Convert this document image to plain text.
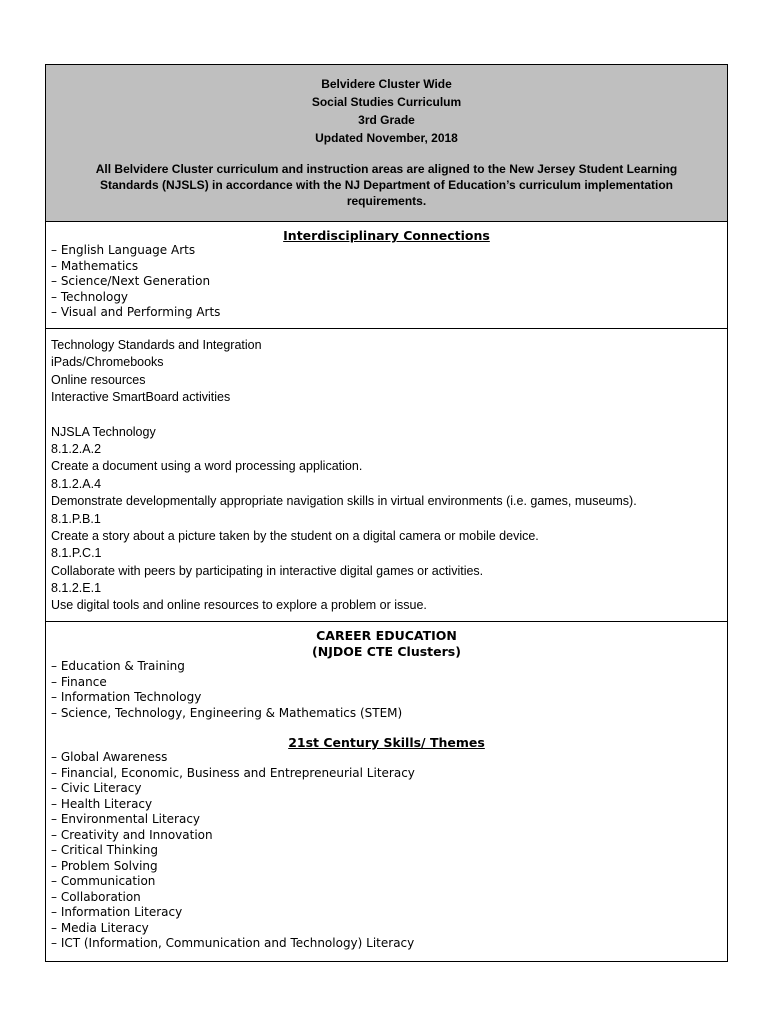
Belvidere Cluster Wide
Social Studies Curriculum
3rd Grade
Updated November, 2018
All Belvidere Cluster curriculum and instruction areas are aligned to the New Jersey Student Learning Standards (NJSLS) in accordance with the NJ Department of Education’s curriculum implementation requirements.
Interdisciplinary Connections
– English Language Arts
– Mathematics
– Science/Next Generation
– Technology
– Visual and Performing Arts
Technology Standards and Integration
iPads/Chromebooks
Online resources
Interactive SmartBoard activities
NJSLA Technology
8.1.2.A.2
Create a document using a word processing application.
8.1.2.A.4
Demonstrate developmentally appropriate navigation skills in virtual environments (i.e. games, museums).
8.1.P.B.1
Create a story about a picture taken by the student on a digital camera or mobile device.
8.1.P.C.1
Collaborate with peers by participating in interactive digital games or activities.
8.1.2.E.1
Use digital tools and online resources to explore a problem or issue.
CAREER EDUCATION
(NJDOE CTE Clusters)
– Education & Training
– Finance
– Information Technology
– Science, Technology, Engineering & Mathematics (STEM)
21st Century Skills/ Themes
– Global Awareness
– Financial, Economic, Business and Entrepreneurial Literacy
– Civic Literacy
– Health Literacy
– Environmental Literacy
– Creativity and Innovation
– Critical Thinking
– Problem Solving
– Communication
– Collaboration
– Information Literacy
– Media Literacy
– ICT (Information, Communication and Technology) Literacy
